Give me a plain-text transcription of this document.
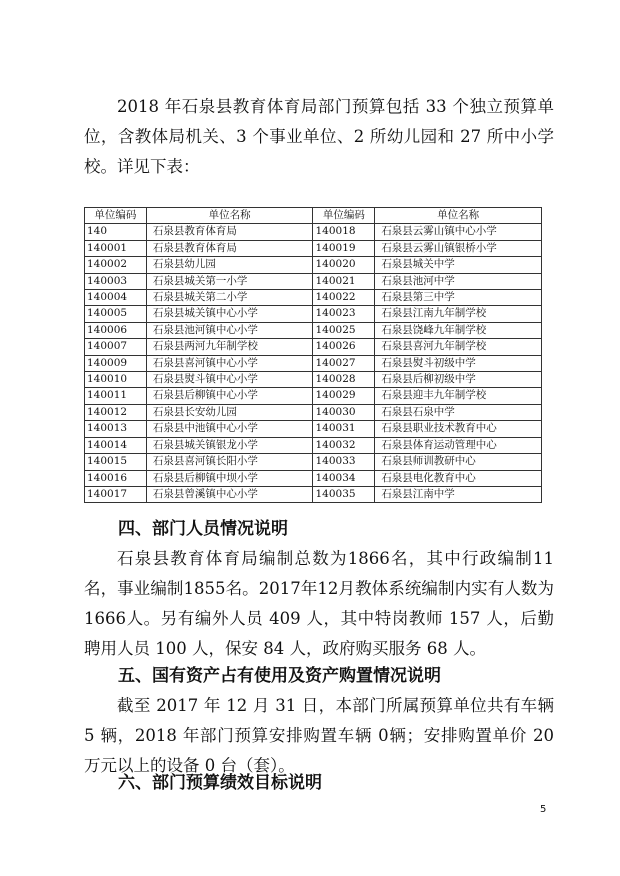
2018 年石泉县教育体育局部门预算包括 33 个独立预算单位，含教体局机关、3 个事业单位、2 所幼儿园和 27 所中小学校。详见下表：

单位编码	单位名称	单位编码	单位名称
140	石泉县教育体育局	140018	石泉县云雾山镇中心小学
140001	石泉县教育体育局	140019	石泉县云雾山镇银桥小学
140002	石泉县幼儿园	140020	石泉县城关中学
140003	石泉县城关第一小学	140021	石泉县池河中学
140004	石泉县城关第二小学	140022	石泉县第三中学
140005	石泉县城关镇中心小学	140023	石泉县江南九年制学校
140006	石泉县池河镇中心小学	140025	石泉县饶峰九年制学校
140007	石泉县两河九年制学校	140026	石泉县喜河九年制学校
140009	石泉县喜河镇中心小学	140027	石泉县熨斗初级中学
140010	石泉县熨斗镇中心小学	140028	石泉县后柳初级中学
140011	石泉县后柳镇中心小学	140029	石泉县迎丰九年制学校
140012	石泉县长安幼儿园	140030	石泉县石泉中学
140013	石泉县中池镇中心小学	140031	石泉县职业技术教育中心
140014	石泉县城关镇银龙小学	140032	石泉县体育运动管理中心
140015	石泉县喜河镇长阳小学	140033	石泉县师训教研中心
140016	石泉县后柳镇中坝小学	140034	石泉县电化教育中心
140017	石泉县曾溪镇中心小学	140035	石泉县江南中学
四、部门人员情况说明

石泉县教育体育局编制总数为1866名，其中行政编制11名，事业编制1855名。2017年12月教体系统编制内实有人数为1666人。另有编外人员 409 人，其中特岗教师 157 人，后勤聘用人员 100 人，保安 84 人，政府购买服务 68 人。

五、国有资产占有使用及资产购置情况说明

截至 2017 年 12 月 31 日，本部门所属预算单位共有车辆 5 辆，2018 年部门预算安排购置车辆 0辆；安排购置单价 20 万元以上的设备 0 台（套）。

六、部门预算绩效目标说明
5
